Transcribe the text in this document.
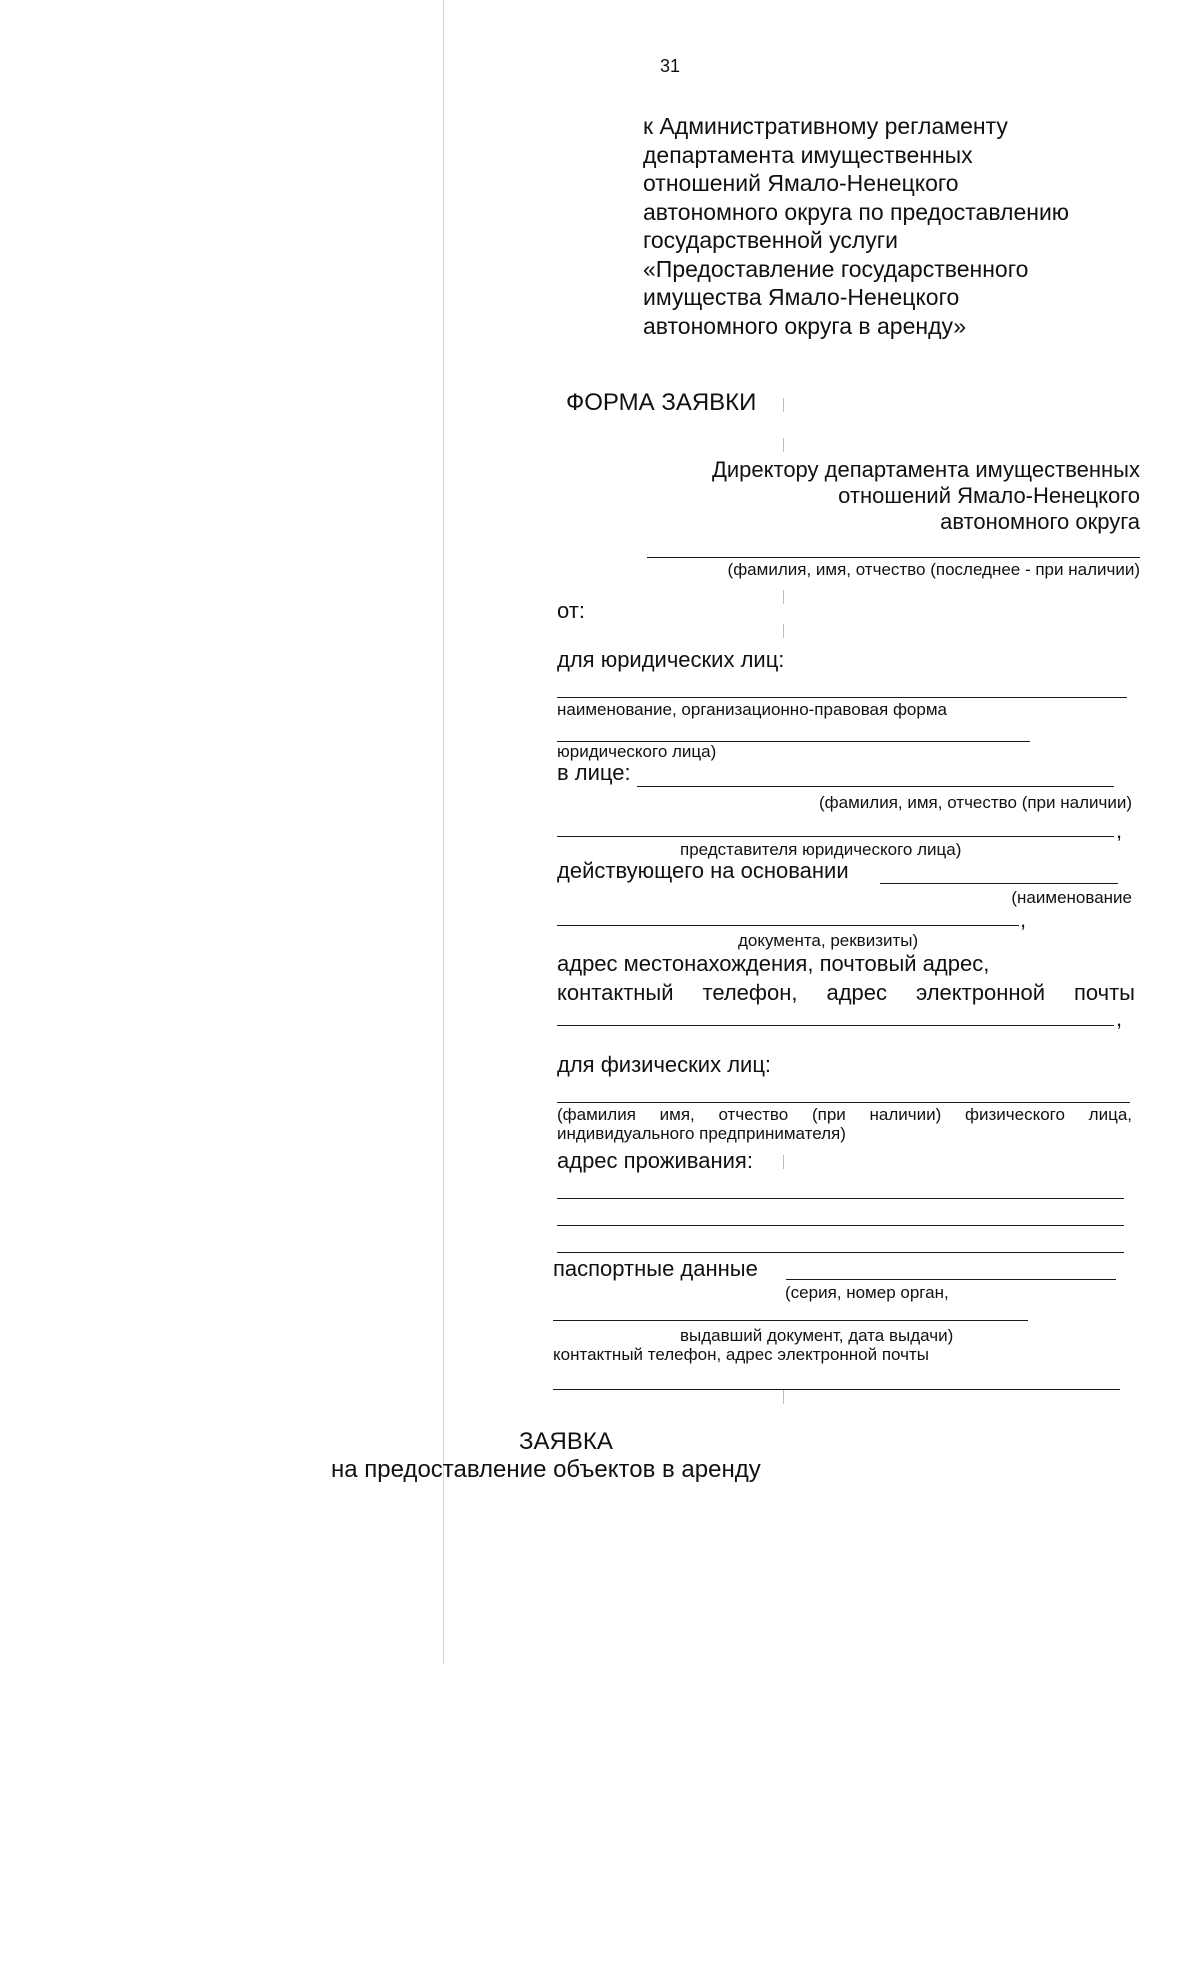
31
к Административному регламенту
департамента имущественных
отношений Ямало-Ненецкого
автономного округа по предоставлению
государственной услуги
«Предоставление государственного
имущества Ямало-Ненецкого
автономного округа в аренду»
ФОРМА ЗАЯВКИ
Директору департамента имущественных
отношений Ямало-Ненецкого
автономного округа
(фамилия, имя, отчество (последнее - при наличии)
от:
для юридических лиц:
наименование, организационно-правовая форма
юридического лица)
в лице:
(фамилия, имя, отчество (при наличии)
,
представителя юридического лица)
действующего на основании
(наименование
,
документа, реквизиты)
адрес местонахождения, почтовый адрес,
контактный телефон, адрес электронной почты
,
для физических лиц:
(фамилия имя, отчество (при наличии) физического лица,
индивидуального предпринимателя)
адрес проживания:
паспортные данные
(серия, номер орган,
выдавший документ, дата выдачи)
контактный телефон, адрес электронной почты
ЗАЯВКА
на предоставление объектов в аренду
